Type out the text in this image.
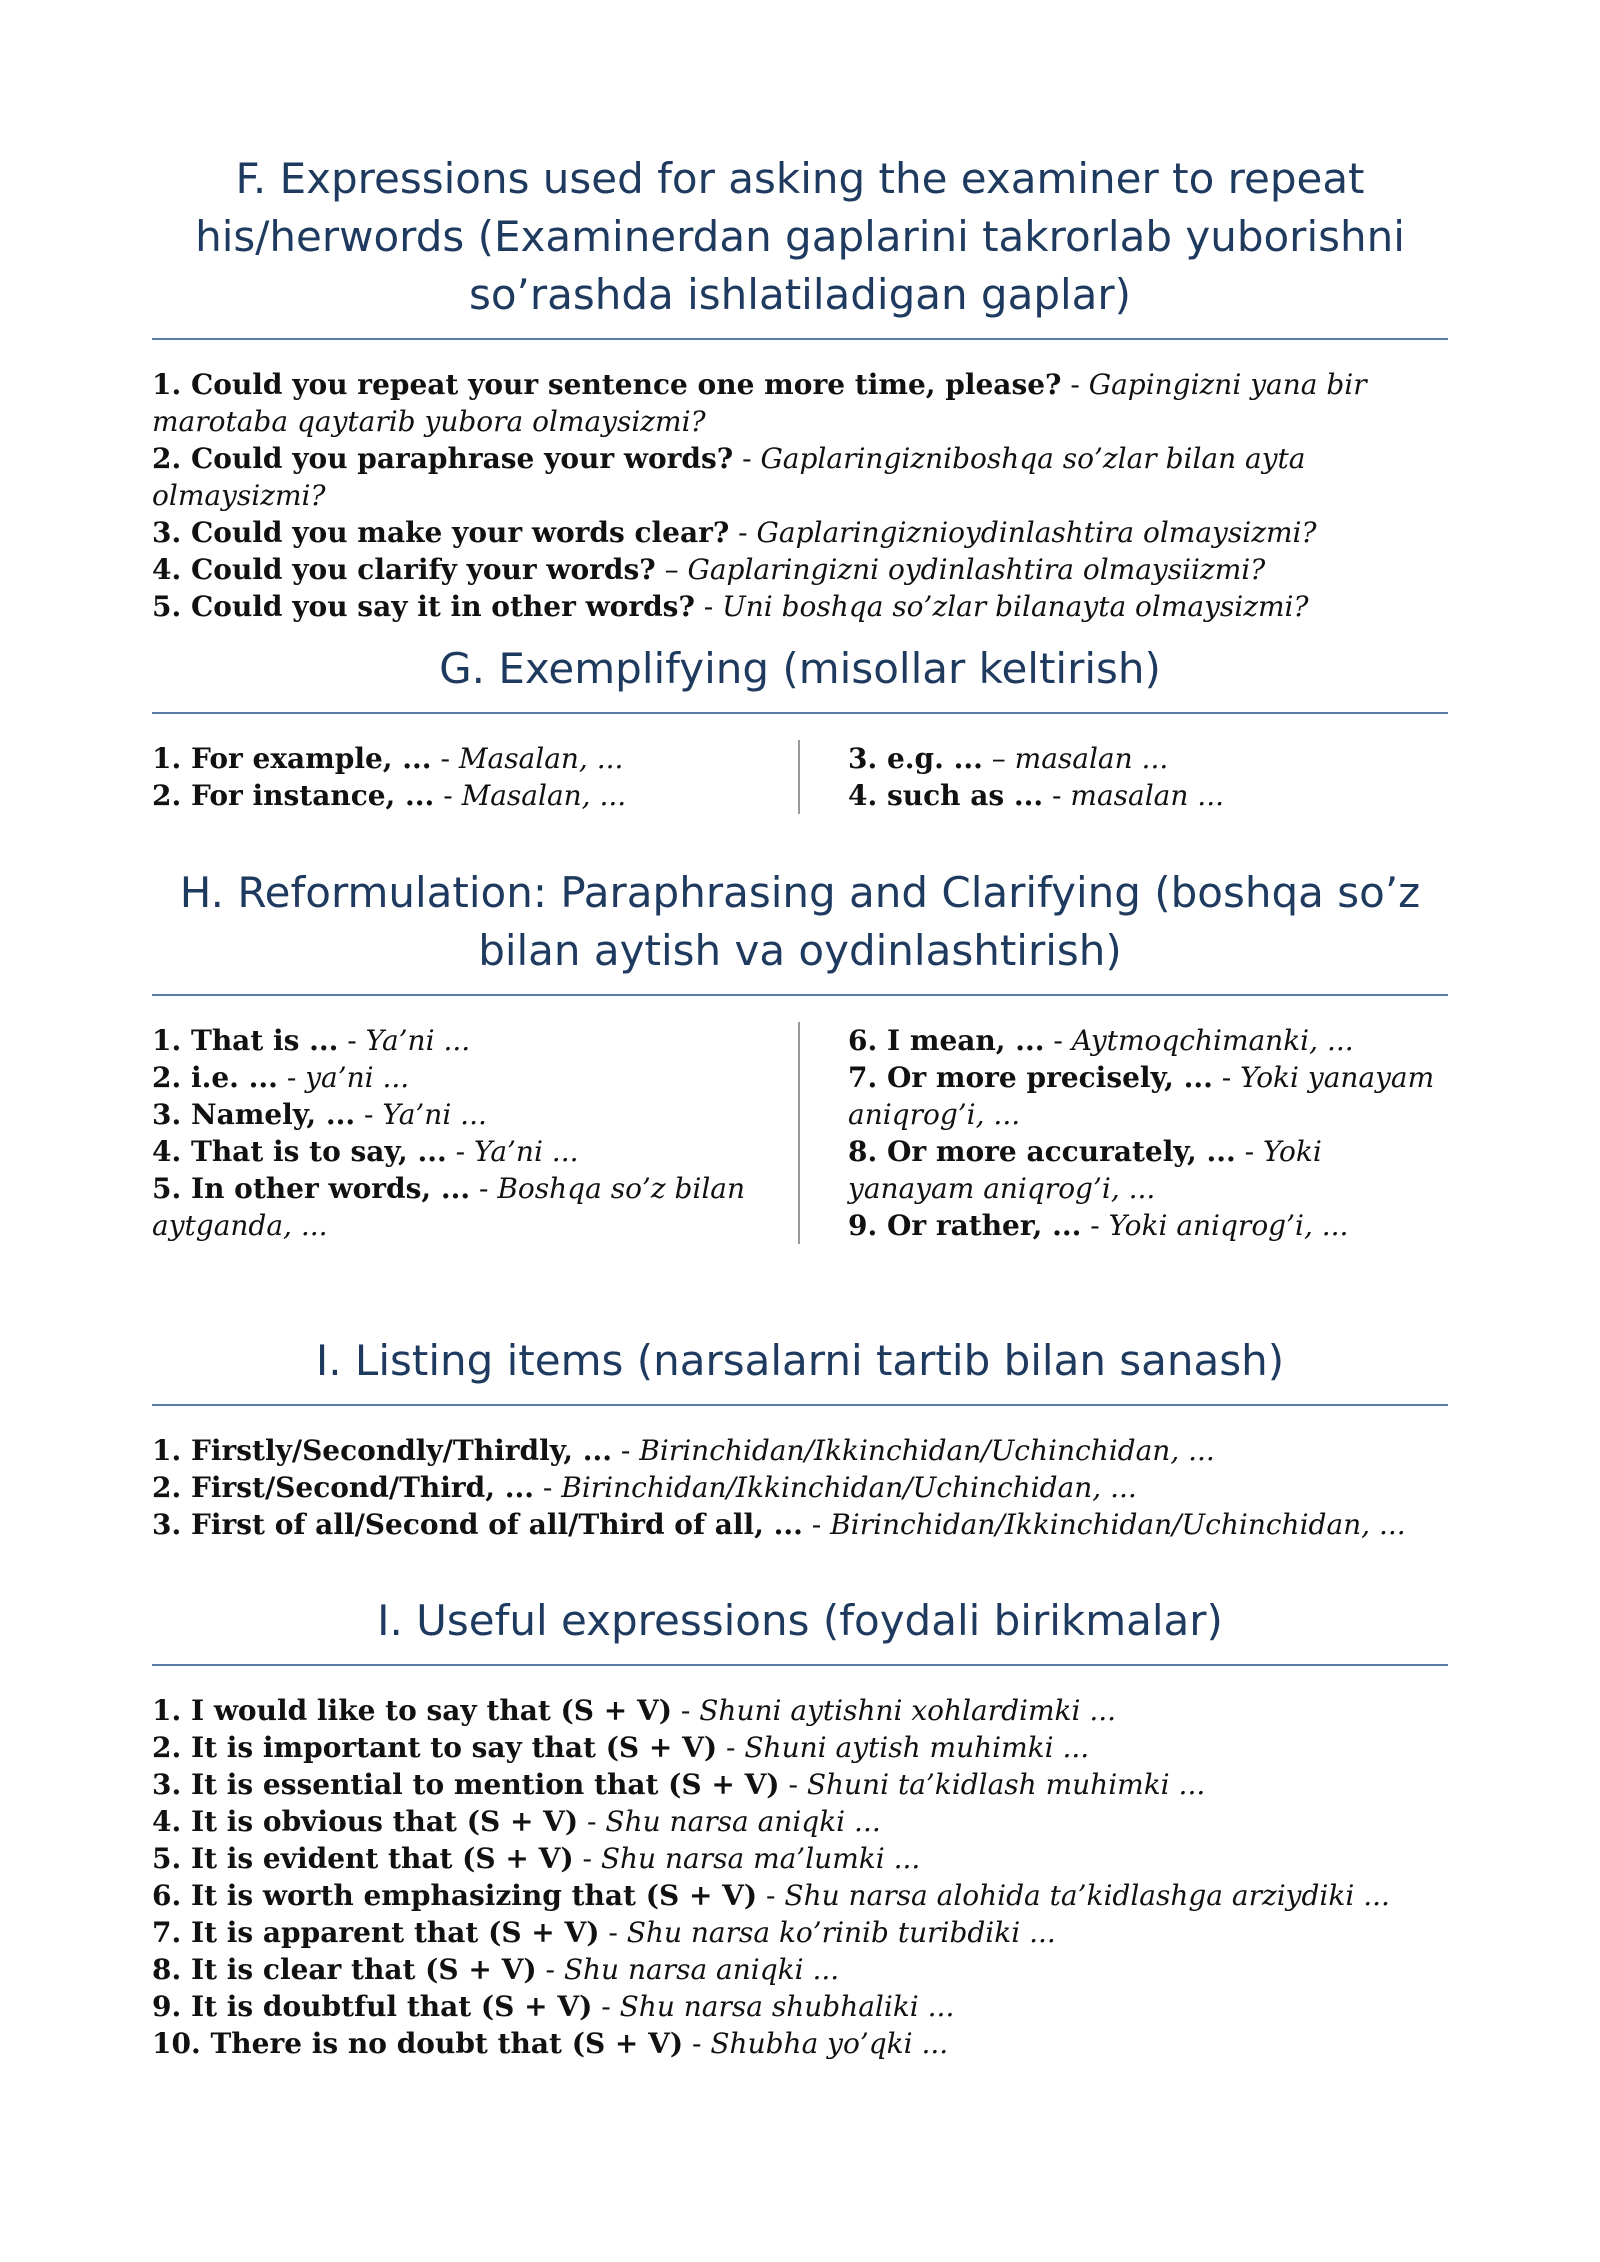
F. Expressions used for asking the examiner to repeat
his/herwords (Examinerdan gaplarini takrorlab yuborishni
so’rashda ishlatiladigan gaplar)
1. Could you repeat your sentence one more time, please? - Gapingizni yana bir marotaba qaytarib yubora olmaysizmi?
2. Could you paraphrase your words? - Gaplaringizniboshqa so’zlar bilan ayta olmaysizmi?
3. Could you make your words clear? - Gaplaringiznioydinlashtira olmaysizmi?
4. Could you clarify your words? – Gaplaringizni oydinlashtira olmaysiizmi?
5. Could you say it in other words? - Uni boshqa so’zlar bilanayta olmaysizmi?
G. Exemplifying (misollar keltirish)
1. For example, ... - Masalan, ...
2. For instance, ... - Masalan, ...
3. e.g. ... – masalan ...
4. such as ... - masalan ...
H. Reformulation: Paraphrasing and Clarifying (boshqa so’z
bilan aytish va oydinlashtirish)
1. That is ... - Ya’ni ...
2. i.e. ... - ya’ni ...
3. Namely, ... - Ya’ni ...
4. That is to say, ... - Ya’ni ...
5. In other words, ... - Boshqa so’z bilan aytganda, ...
6. I mean, ... - Aytmoqchimanki, ...
7. Or more precisely, ... - Yoki yanayam aniqrog’i, ...
8. Or more accurately, ... - Yoki yanayam aniqrog’i, ...
9. Or rather, ... - Yoki aniqrog’i, ...
I. Listing items (narsalarni tartib bilan sanash)
1. Firstly/Secondly/Thirdly, ... - Birinchidan/Ikkinchidan/Uchinchidan, ...
2. First/Second/Third, ... - Birinchidan/Ikkinchidan/Uchinchidan, ...
3. First of all/Second of all/Third of all, ... - Birinchidan/Ikkinchidan/Uchinchidan, ...
I. Useful expressions (foydali birikmalar)
1. I would like to say that (S + V) - Shuni aytishni xohlardimki ...
2. It is important to say that (S + V) - Shuni aytish muhimki ...
3. It is essential to mention that (S + V) - Shuni ta’kidlash muhimki ...
4. It is obvious that (S + V) - Shu narsa aniqki ...
5. It is evident that (S + V) - Shu narsa ma’lumki ...
6. It is worth emphasizing that (S + V) - Shu narsa alohida ta’kidlashga arziydiki ...
7. It is apparent that (S + V) - Shu narsa ko’rinib turibdiki ...
8. It is clear that (S + V) - Shu narsa aniqki ...
9. It is doubtful that (S + V) - Shu narsa shubhaliki ...
10. There is no doubt that (S + V) - Shubha yo’qki ...
